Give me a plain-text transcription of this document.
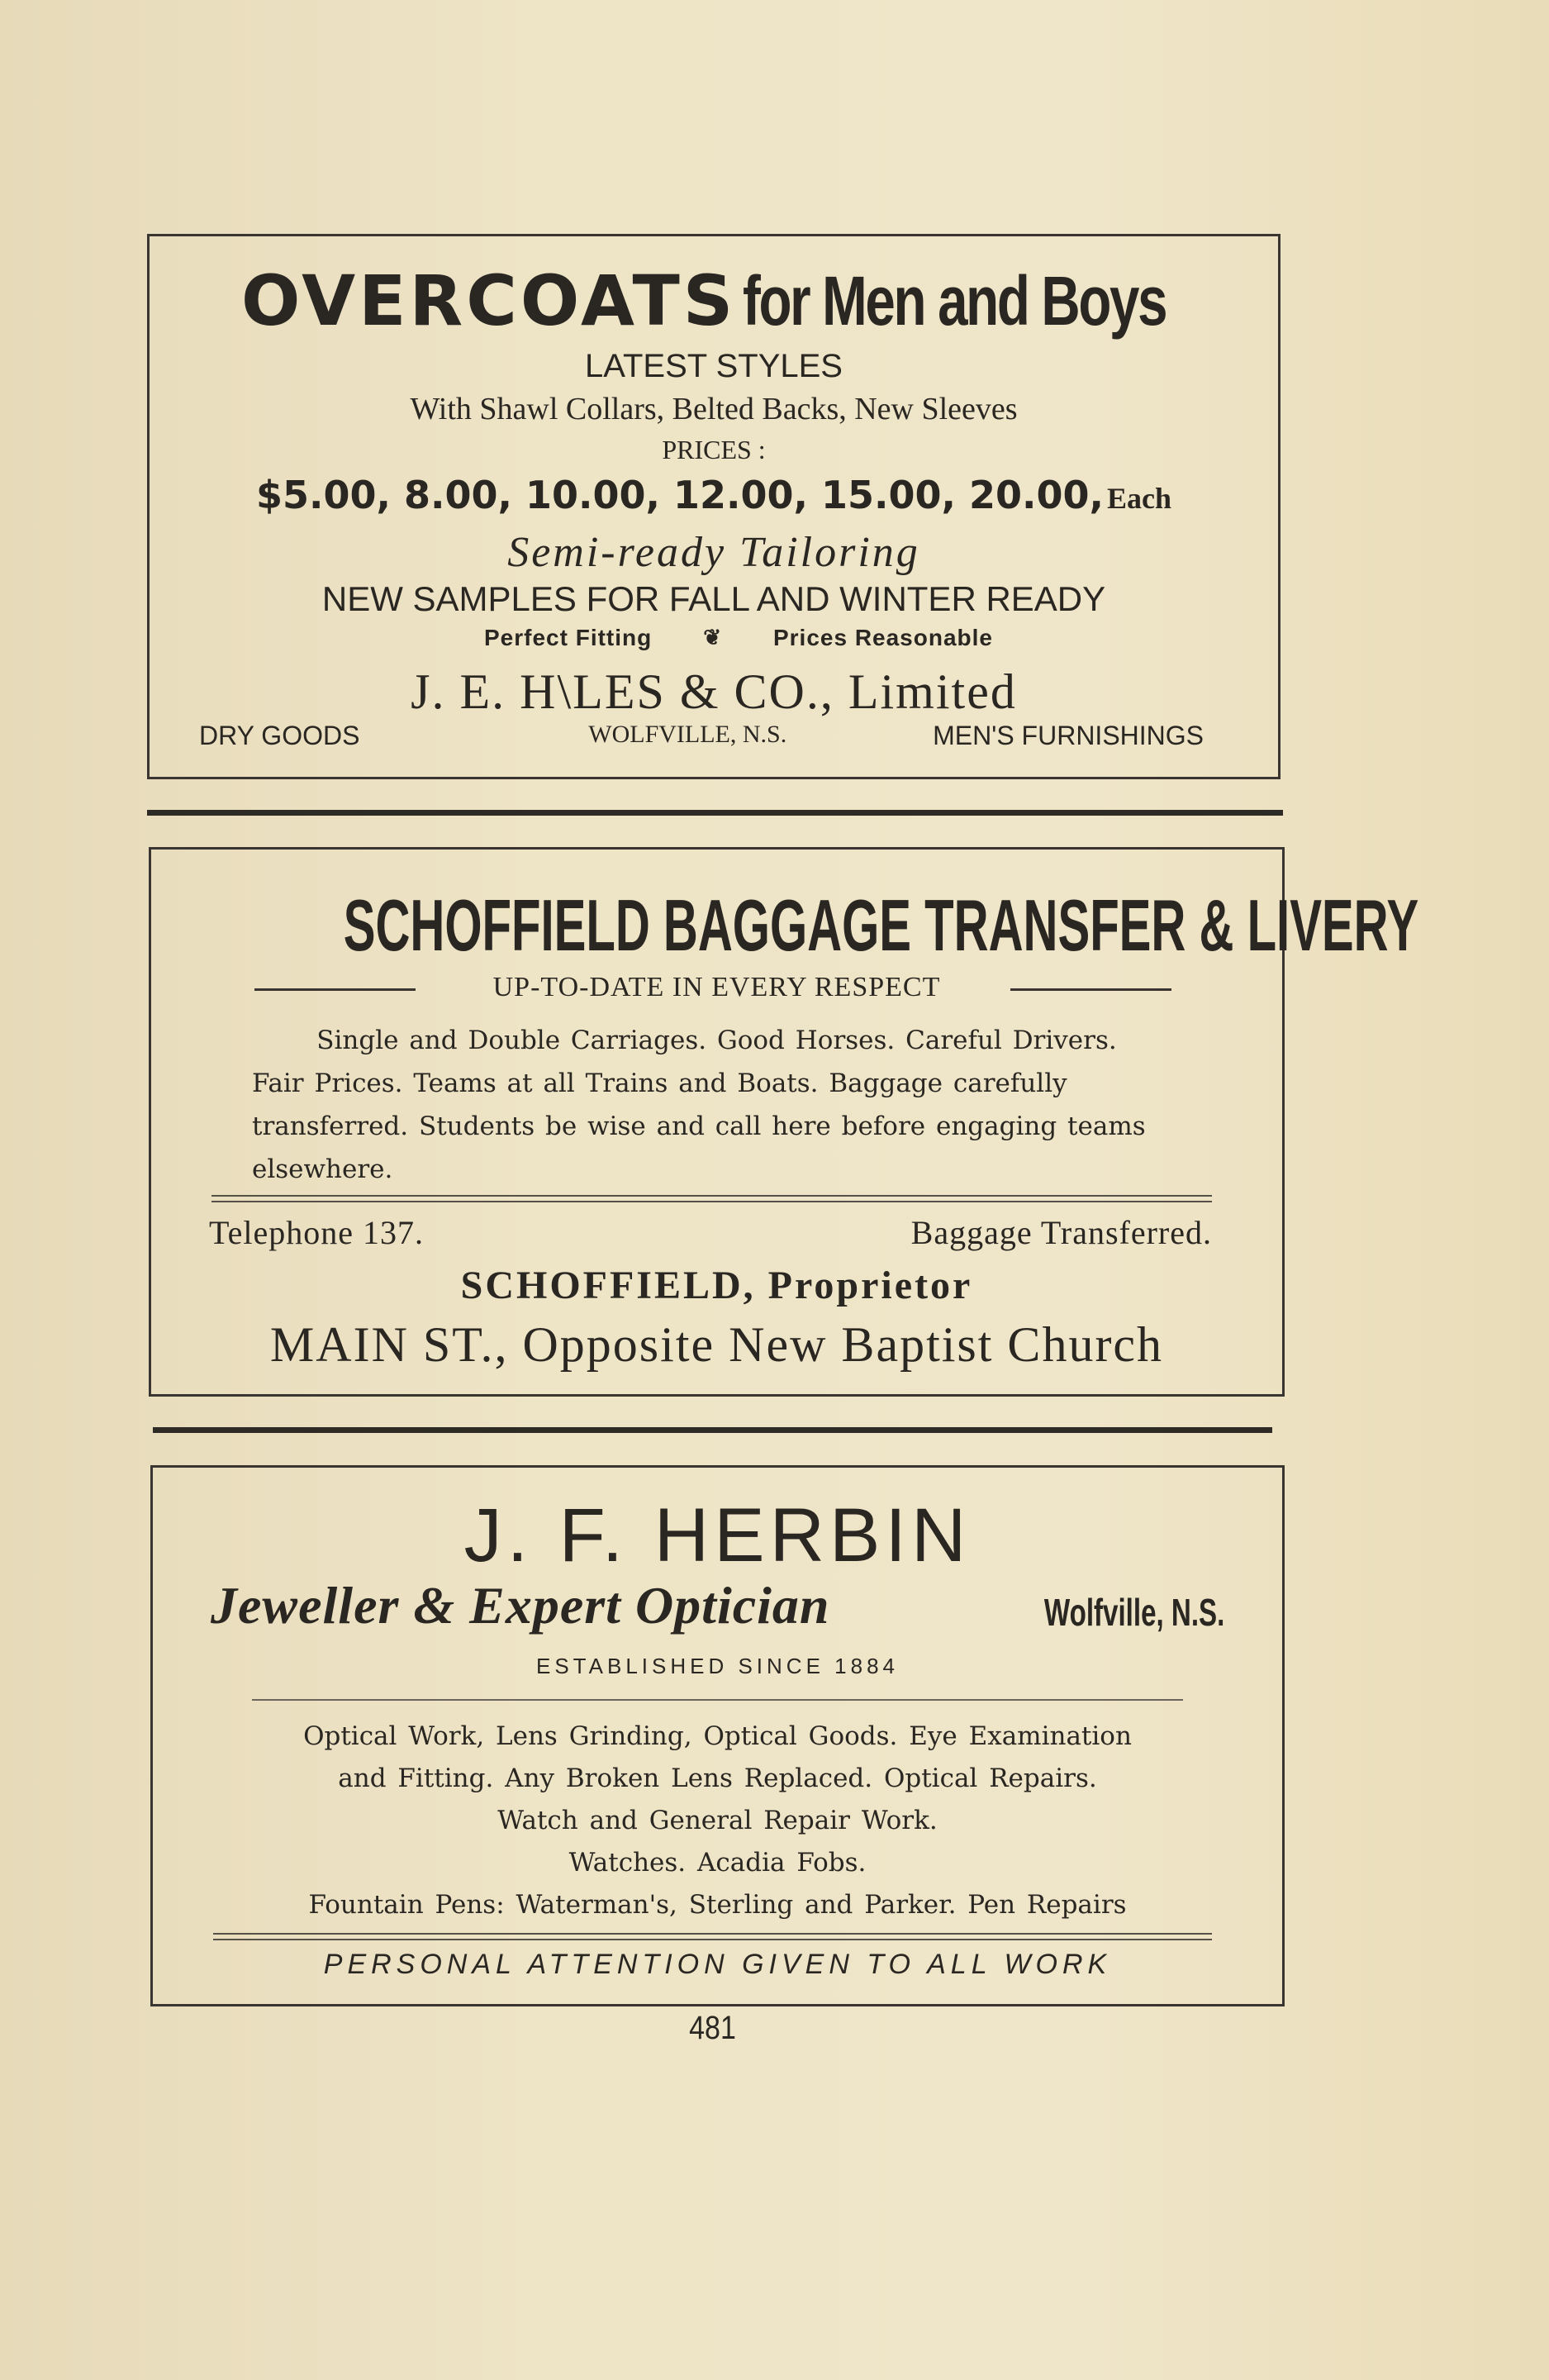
OVERCOATS for Men and Boys
LATEST STYLES
With Shawl Collars, Belted Backs, New Sleeves
PRICES :
$5.00, 8.00, 10.00, 12.00, 15.00, 20.00, Each
Semi-ready Tailoring
NEW SAMPLES FOR FALL AND WINTER READY
Perfect Fitting ❦ Prices Reasonable
J. E. H\LES & CO., Limited
DRY GOODS	WOLFVILLE, N.S.	MEN'S FURNISHINGS
SCHOFFIELD BAGGAGE TRANSFER & LIVERY
UP-TO-DATE IN EVERY RESPECT

Single and Double Carriages. Good Horses. Careful Drivers.

Fair Prices. Teams at all Trains and Boats. Baggage carefully

transferred. Students be wise and call here before engaging teams

elsewhere.

Telephone 137.	Baggage Transferred.
SCHOFFIELD, Proprietor
MAIN ST., Opposite New Baptist Church
J. F. HERBIN
Jeweller & Expert Optician	Wolfville, N.S.
ESTABLISHED SINCE 1884

Optical Work, Lens Grinding, Optical Goods. Eye Examination

and Fitting. Any Broken Lens Replaced. Optical Repairs.

Watch and General Repair Work.

Watches. Acadia Fobs.

Fountain Pens: Waterman's, Sterling and Parker. Pen Repairs

PERSONAL ATTENTION GIVEN TO ALL WORK
481
